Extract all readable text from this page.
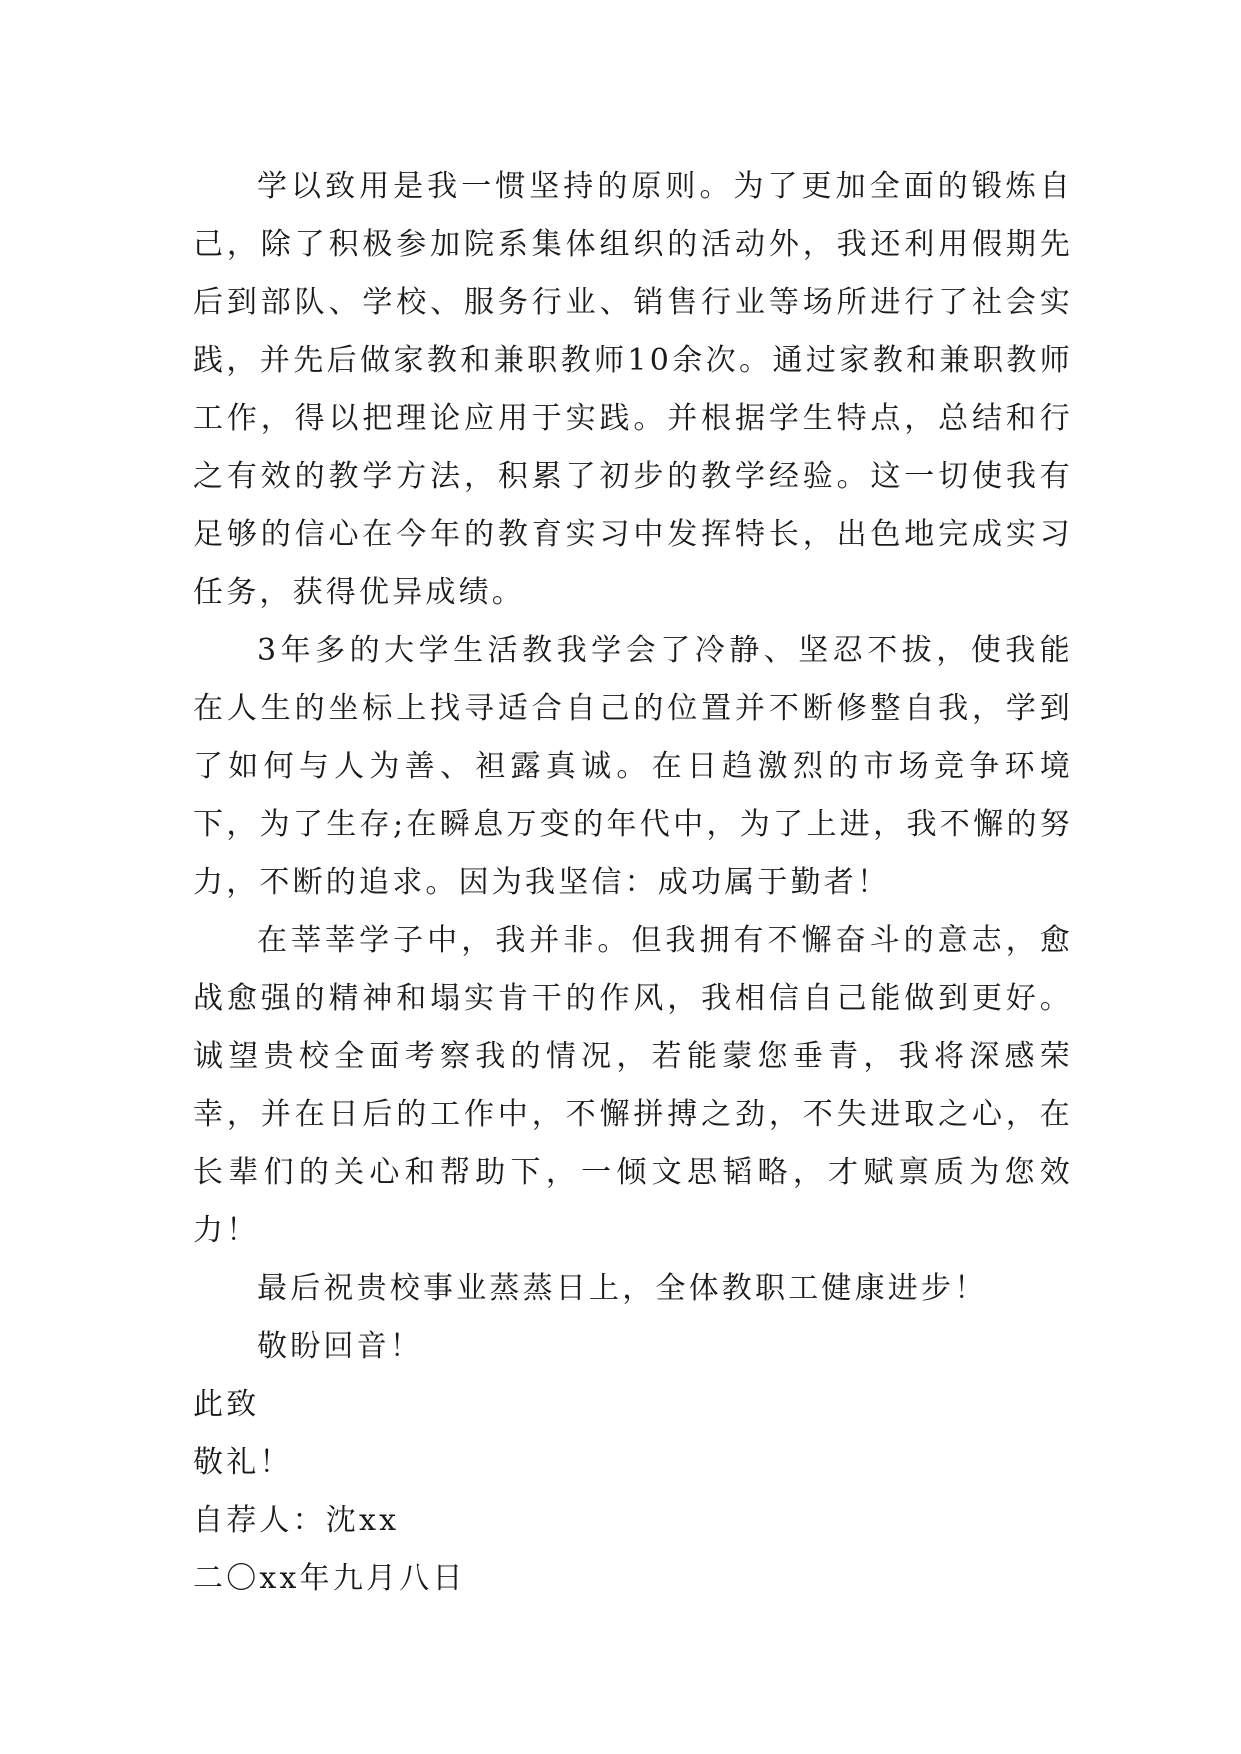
学以致用是我一惯坚持的原则。为了更加全面的锻炼自己，除了积极参加院系集体组织的活动外，我还利用假期先后到部队、学校、服务行业、销售行业等场所进行了社会实践，并先后做家教和兼职教师10余次。通过家教和兼职教师工作，得以把理论应用于实践。并根据学生特点，总结和行之有效的教学方法，积累了初步的教学经验。这一切使我有足够的信心在今年的教育实习中发挥特长，出色地完成实习任务，获得优异成绩。

3年多的大学生活教我学会了冷静、坚忍不拔，使我能在人生的坐标上找寻适合自己的位置并不断修整自我，学到了如何与人为善、袒露真诚。在日趋激烈的市场竞争环境下，为了生存;在瞬息万变的年代中，为了上进，我不懈的努力，不断的追求。因为我坚信：成功属于勤者！

在莘莘学子中，我并非。但我拥有不懈奋斗的意志，愈战愈强的精神和塌实肯干的作风，我相信自己能做到更好。诚望贵校全面考察我的情况，若能蒙您垂青，我将深感荣幸，并在日后的工作中，不懈拼搏之劲，不失进取之心，在长辈们的关心和帮助下，一倾文思韬略，才赋禀质为您效力！

最后祝贵校事业蒸蒸日上，全体教职工健康进步！

敬盼回音！

此致

敬礼！

自荐人：沈xx

二〇xx年九月八日
